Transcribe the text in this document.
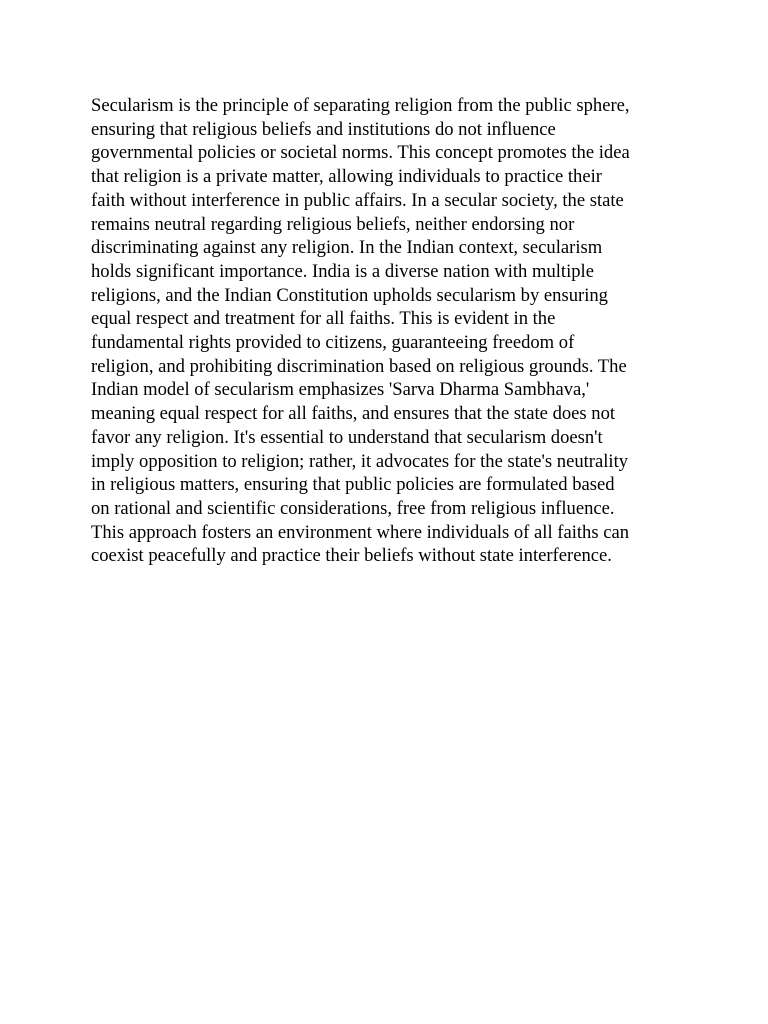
Secularism is the principle of separating religion from the public sphere,
ensuring that religious beliefs and institutions do not influence
governmental policies or societal norms. This concept promotes the idea
that religion is a private matter, allowing individuals to practice their
faith without interference in public affairs. In a secular society, the state
remains neutral regarding religious beliefs, neither endorsing nor
discriminating against any religion. In the Indian context, secularism
holds significant importance. India is a diverse nation with multiple
religions, and the Indian Constitution upholds secularism by ensuring
equal respect and treatment for all faiths. This is evident in the
fundamental rights provided to citizens, guaranteeing freedom of
religion, and prohibiting discrimination based on religious grounds. The
Indian model of secularism emphasizes 'Sarva Dharma Sambhava,'
meaning equal respect for all faiths, and ensures that the state does not
favor any religion. It's essential to understand that secularism doesn't
imply opposition to religion; rather, it advocates for the state's neutrality
in religious matters, ensuring that public policies are formulated based
on rational and scientific considerations, free from religious influence.
This approach fosters an environment where individuals of all faiths can
coexist peacefully and practice their beliefs without state interference.
